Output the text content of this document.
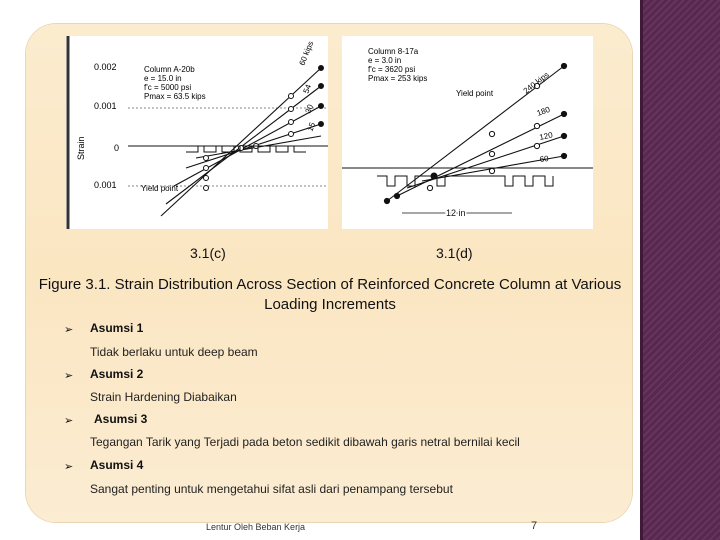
0.002
0.001
0
0.001
Strain
Column A-20b
e = 15.0 in
f'c = 5000 psi
Pmax = 63.5 kips
60 kips
54
30
15
Yield point
12 in
Column 8-17a
e = 3.0 in
f'c = 3620 psi
Pmax = 253 kips
Yield point	240 kips
180
120
60
3.1(c)	3.1(d)
Figure 3.1. Strain Distribution Across Section of Reinforced Concrete Column at Various Loading Increments
➢ Asumsi 1
Tidak berlaku untuk deep beam
➢ Asumsi 2
Strain Hardening Diabaikan
➢ Asumsi 3
Tegangan Tarik yang Terjadi pada beton sedikit dibawah garis netral bernilai kecil
➢ Asumsi 4
Sangat penting untuk mengetahui sifat asli dari penampang tersebut
Lentur Oleh Beban Kerja	7
